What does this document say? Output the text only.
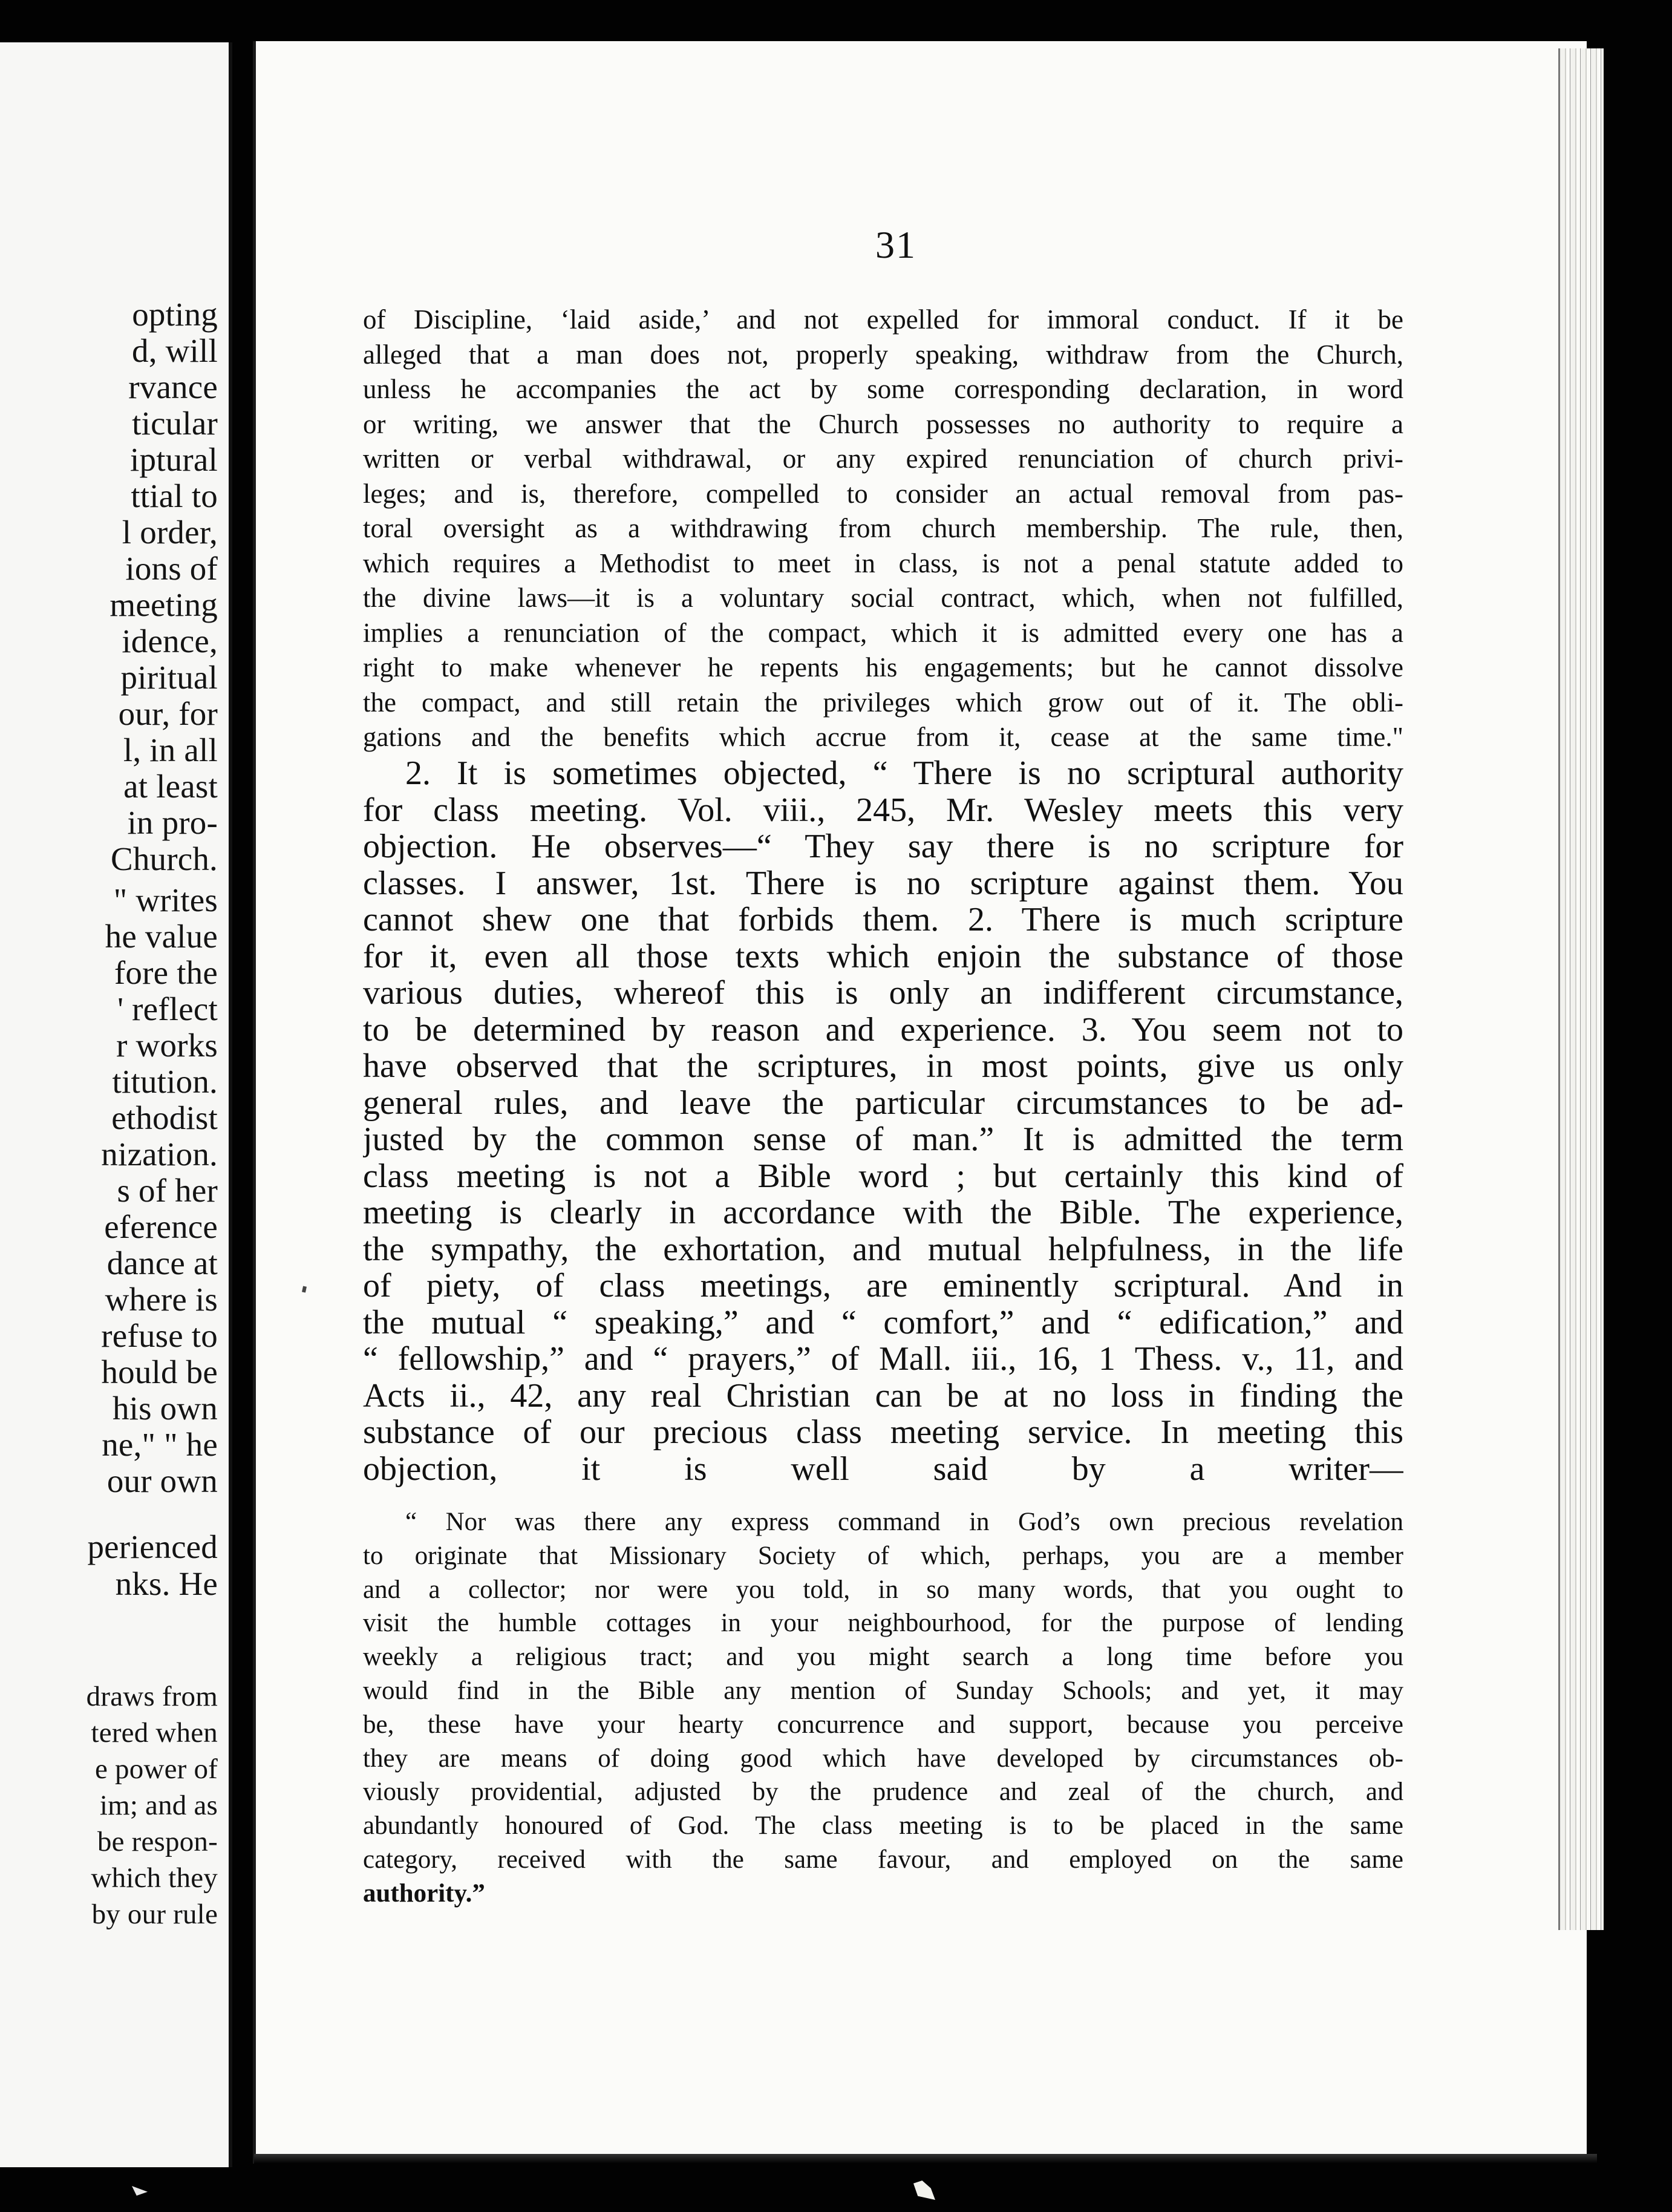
opting
d, will
rvance
ticular
iptural
ttial to
l order,
ions of
meeting
idence,
piritual
our, for
l, in all
at least
in pro-
Church.
" writes
he value
fore the
' reflect
r works
titution.
ethodist
nization.
s of her
eference
dance at
where is
refuse to
hould be
his own
ne," " he
our own
perienced
nks. He
draws from
tered when
e power of
im; and as
be respon-
which they
by our rule
31
of Discipline, ‘laid aside,’ and not expelled for immoral conduct. If it be
alleged that a man does not, properly speaking, withdraw from the Church,
unless he accompanies the act by some corresponding declaration, in word
or writing, we answer that the Church possesses no authority to require a
written or verbal withdrawal, or any expired renunciation of church privi-
leges; and is, therefore, compelled to consider an actual removal from pas-
toral oversight as a withdrawing from church membership. The rule, then,
which requires a Methodist to meet in class, is not a penal statute added to
the divine laws—it is a voluntary social contract, which, when not fulfilled,
implies a renunciation of the compact, which it is admitted every one has a
right to make whenever he repents his engagements; but he cannot dissolve
the compact, and still retain the privileges which grow out of it. The obli-
gations and the benefits which accrue from it, cease at the same time."
2. It is sometimes objected, “ There is no scriptural authority
for class meeting. Vol. viii., 245, Mr. Wesley meets this very
objection. He observes—“ They say there is no scripture for
classes. I answer, 1st. There is no scripture against them. You
cannot shew one that forbids them. 2. There is much scripture
for it, even all those texts which enjoin the substance of those
various duties, whereof this is only an indifferent circumstance,
to be determined by reason and experience. 3. You seem not to
have observed that the scriptures, in most points, give us only
general rules, and leave the particular circumstances to be ad-
justed by the common sense of man.” It is admitted the term
class meeting is not a Bible word ; but certainly this kind of
meeting is clearly in accordance with the Bible. The experience,
the sympathy, the exhortation, and mutual helpfulness, in the life
of piety, of class meetings, are eminently scriptural. And in
the mutual “ speaking,” and “ comfort,” and “ edification,” and
“ fellowship,” and “ prayers,” of Mall. iii., 16, 1 Thess. v., 11, and
Acts ii., 42, any real Christian can be at no loss in finding the
substance of our precious class meeting service. In meeting this
objection, it is well said by a writer—
“ Nor was there any express command in God’s own precious revelation
to originate that Missionary Society of which, perhaps, you are a member
and a collector; nor were you told, in so many words, that you ought to
visit the humble cottages in your neighbourhood, for the purpose of lending
weekly a religious tract; and you might search a long time before you
would find in the Bible any mention of Sunday Schools; and yet, it may
be, these have your hearty concurrence and support, because you perceive
they are means of doing good which have developed by circumstances ob-
viously providential, adjusted by the prudence and zeal of the church, and
abundantly honoured of God. The class meeting is to be placed in the same
category, received with the same favour, and employed on the same
authority.”
